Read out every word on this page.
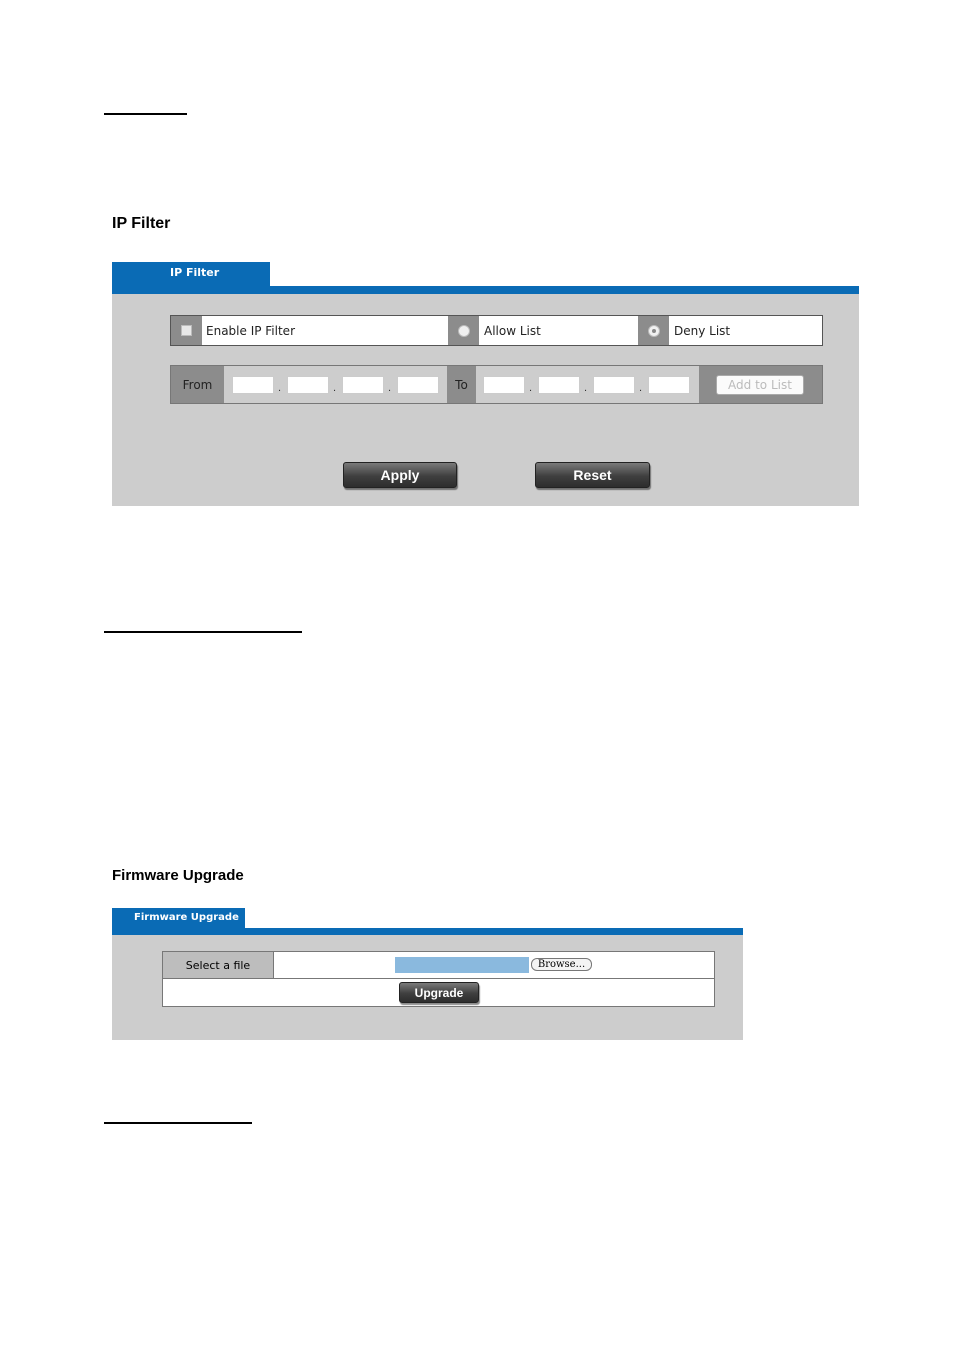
IP Filter
IP Filter
Enable IP Filter	Allow List	Deny List
From	.	.	.	To	.	.	.	Add to List
Apply	Reset
Firmware Upgrade
Firmware Upgrade
Select a file	Browse...
Upgrade
